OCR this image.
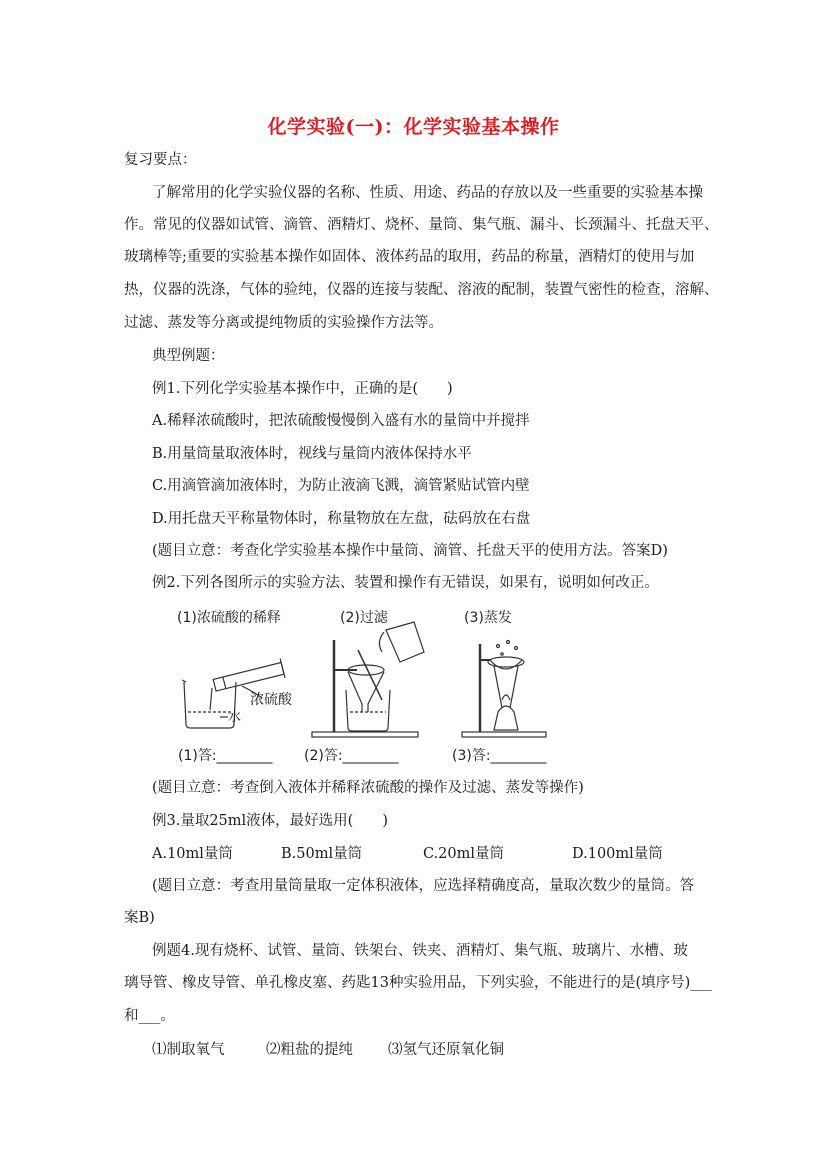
化学实验(一)：化学实验基本操作
复习要点：
了解常用的化学实验仪器的名称、性质、用途、药品的存放以及一些重要的实验基本操
作。常见的仪器如试管、滴管、酒精灯、烧杯、量筒、集气瓶、漏斗、长颈漏斗、托盘天平、
玻璃棒等;重要的实验基本操作如固体、液体药品的取用，药品的称量，酒精灯的使用与加
热，仪器的洗涤，气体的验纯，仪器的连接与装配、溶液的配制，装置气密性的检查，溶解、
过滤、蒸发等分离或提纯物质的实验操作方法等。
典型例题：
例1.下列化学实验基本操作中，正确的是(　　)
A.稀释浓硫酸时，把浓硫酸慢慢倒入盛有水的量筒中并搅拌
B.用量筒量取液体时，视线与量筒内液体保持水平
C.用滴管滴加液体时，为防止液滴飞溅，滴管紧贴试管内壁
D.用托盘天平称量物体时，称量物放在左盘，砝码放在右盘
(题目立意：考查化学实验基本操作中量筒、滴管、托盘天平的使用方法。答案D)
例2.下列各图所示的实验方法、装置和操作有无错误，如果有，说明如何改正。
(1)浓硫酸的稀释	(2)过滤	(3)蒸发
浓硫酸
水
(1)答:________ (2)答:________	(3)答:________
(题目立意：考查倒入液体并稀释浓硫酸的操作及过滤、蒸发等操作)
例3.量取25ml液体，最好选用(　　)
A.10ml量筒	B.50ml量筒	C.20ml量筒	D.100ml量筒
(题目立意：考查用量筒量取一定体积液体，应选择精确度高，量取次数少的量筒。答
案B)
例题4.现有烧杯、试管、量筒、铁架台、铁夹、酒精灯、集气瓶、玻璃片、水槽、玻
璃导管、橡皮导管、单孔橡皮塞、药匙13种实验用品，下列实验，不能进行的是(填序号)___
和___。
⑴制取氧气	⑵粗盐的提纯 ⑶氢气还原氧化铜
